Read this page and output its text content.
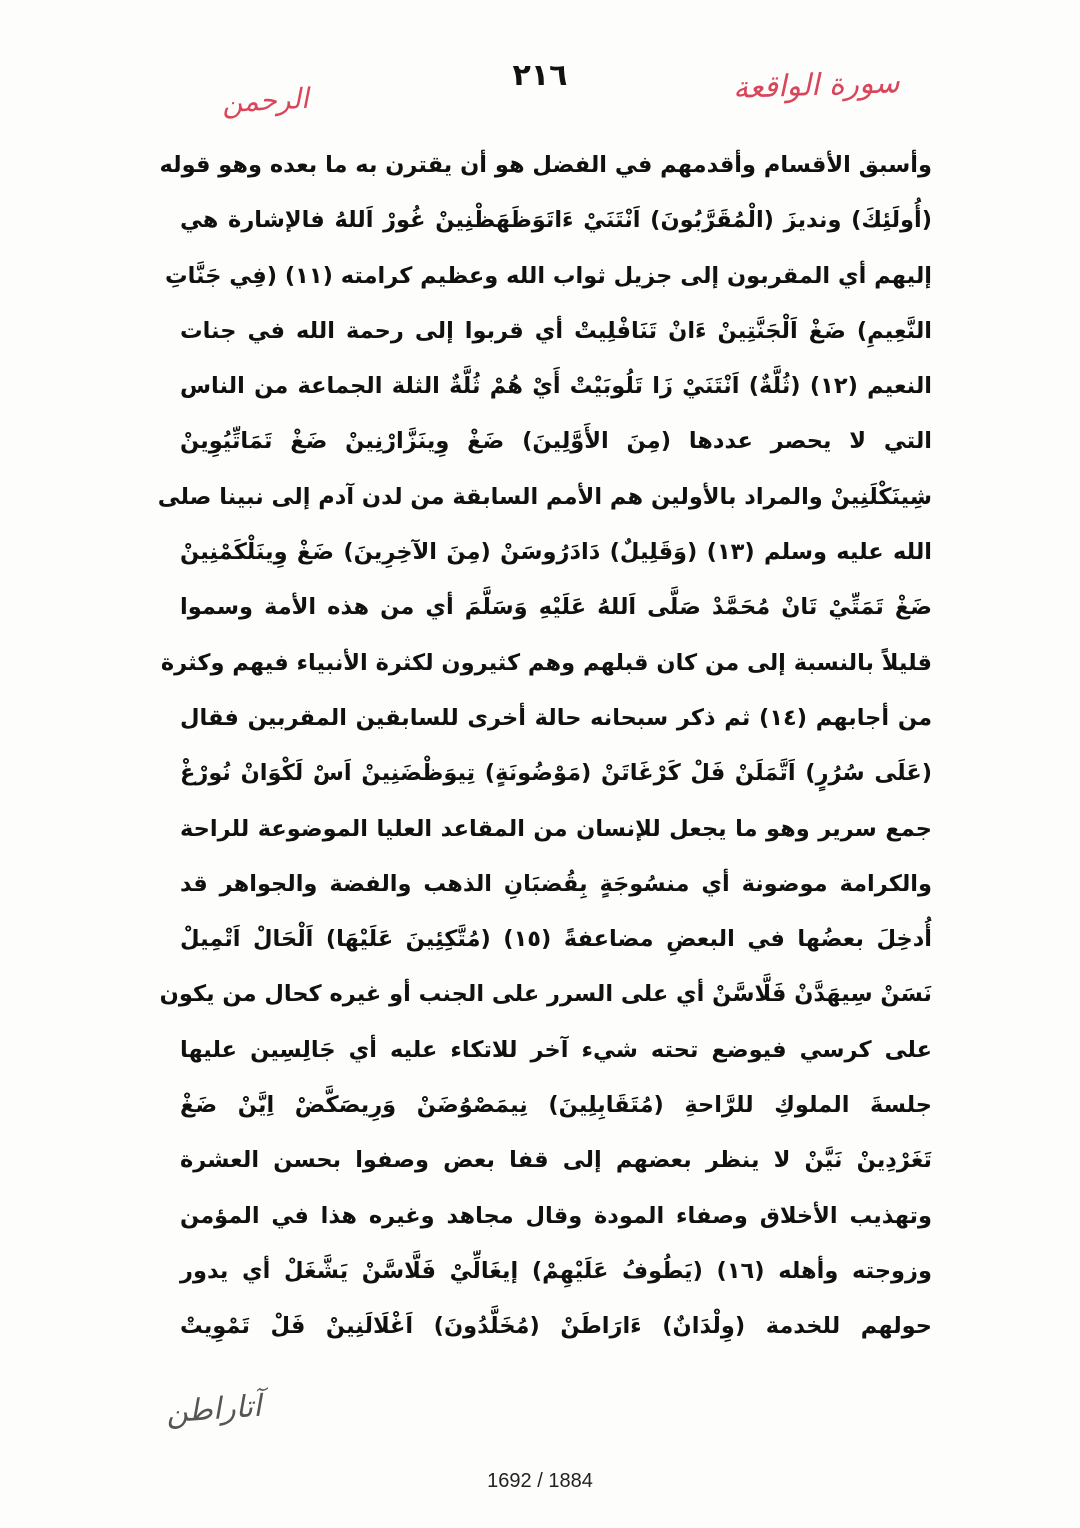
٢١٦	سورة الواقعة
الرحمن
وأسبق الأقسام وأقدمهم في الفضل هو أن يقترن به ما بعده وهو قوله
(أُولَئِكَ) ونديزَ (الْمُقَرَّبُونَ) اَنْتَنَيْ ءَاتَوَظَهَظْنِينْ غُورْ اَللهُ فالإشارة هي
إليهم أي المقربون إلى جزيل ثواب الله وعظيم كرامته (١١) (فِي جَنَّاتِ
النَّعِيمِ) ضَغْ اَلْجَنَّتِينْ ءَانْ تَنَافْلِيتْ أي قربوا إلى رحمة الله في جنات
النعيم (١٢) (ثُلَّةٌ) اَنْتَنَيْ زَا تَلُوبَيْتْ أَيْ هُمْ ثُلَّةٌ الثلة الجماعة من الناس
التي لا يحصر عددها (مِنَ الأَوَّلِينَ) ضَغْ وِينَزَّارْنِينْ ضَغْ تَمَاتِّيُوِينْ
شِينَكْلَنِينْ والمراد بالأولين هم الأمم السابقة من لدن آدم إلى نبينا صلى
الله عليه وسلم (١٣) (وَقَلِيلٌ) دَادَرُوسَنْ (مِنَ الآخِرِينَ) ضَغْ وِينَلْكَمْنِينْ
ضَغْ تَمَتِّيْ تَانْ مُحَمَّدْ صَلَّى اَللهُ عَلَيْهِ وَسَلَّمَ أي من هذه الأمة وسموا
قليلاً بالنسبة إلى من كان قبلهم وهم كثيرون لكثرة الأنبياء فيهم وكثرة
من أجابهم (١٤) ثم ذكر سبحانه حالة أخرى للسابقين المقربين فقال
(عَلَى سُرُرٍ) اَتَّمَلَنْ فَلْ كَرْغَاتَنْ (مَوْضُونَةٍ) تِيوَظْضَنِينْ اَسْ لَكْوَانْ نُورْغْ
جمع سرير وهو ما يجعل للإنسان من المقاعد العليا الموضوعة للراحة
والكرامة موضونة أي منسُوجَةٍ بِقُضبَانِ الذهب والفضة والجواهر قد
أُدخِلَ بعضُها في البعضِ مضاعفةً (١٥) (مُتَّكِئِينَ عَلَيْهَا) اَلْحَالْ اَتْمِيلْ
نَسَنْ سِيهَدَّنْ فَلَّاسَّنْ أي على السرر على الجنب أو غيره كحال من يكون
على كرسي فيوضع تحته شيء آخر للاتكاء عليه أي جَالِسِين عليها
جلسةَ الملوكِ للرَّاحةِ (مُتَقَابِلِينَ) نِيمَصْوُضَنْ وَرِيصَكَّضْ اِيَّنْ ضَغْ
تَغَرْدِينْ نَيَّنْ لا ينظر بعضهم إلى قفا بعض وصفوا بحسن العشرة
وتهذيب الأخلاق وصفاء المودة وقال مجاهد وغيره هذا في المؤمن
وزوجته وأهله (١٦) (يَطُوفُ عَلَيْهِمْ) إيغَالِّيْ فَلَّاسَّنْ يَشَّغَلْ أي يدور
حولهم للخدمة (وِلْدَانٌ) ءَارَاطَنْ (مُخَلَّدُونَ) اَغْلَالَنِينْ فَلْ تَمْوِيتْ
آتاراطن
1692 / 1884
